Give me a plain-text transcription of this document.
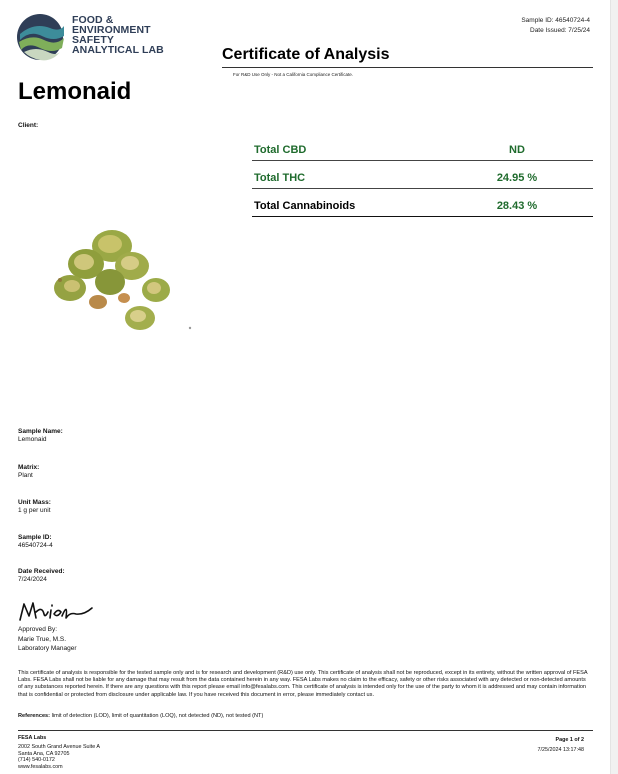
FOOD &
ENVIRONMENT
SAFETY
ANALYTICAL LAB
Sample ID: 46540724-4
Date Issued: 7/25/24
Certificate of Analysis
For R&D Use Only - Not a California Compliance Certificate.
Lemonaid
Client:
Total CBD	ND
Total THC	24.95 %
Total Cannabinoids	28.43 %
Sample Name:
Lemonaid
Matrix:
Plant
Unit Mass:
1 g per unit
Sample ID:
46540724-4
Date Received:
7/24/2024
Approved By:
Marie True, M.S.
Laboratory Manager
This certificate of analysis is responsible for the tested sample only and is for research and development (R&D) use only. This certificate of analysis shall not be reproduced, except in its entirety, without the written approval of FESA Labs. FESA Labs shall not be liable for any damage that may result from the data contained herein in any way. FESA Labs makes no claim to the efficacy, safety or other risks associated with any detected or non-detected amounts of any substances reported herein. If there are any questions with this report please email info@fesalabs.com. This certificate of analysis is intended only for the use of the party to whom it is addressed and may contain information that is confidential or protected from disclosure under applicable law. If you have received this document in error, please immediately contact us.
References: limit of detection (LOD), limit of quantitation (LOQ), not detected (ND), not tested (NT)
FESA Labs
2002 South Grand Avenue Suite A
Santa Ana, CA 92705
(714) 540-0172
www.fesalabs.com
Page 1 of 2
7/25/2024 13:17:48
